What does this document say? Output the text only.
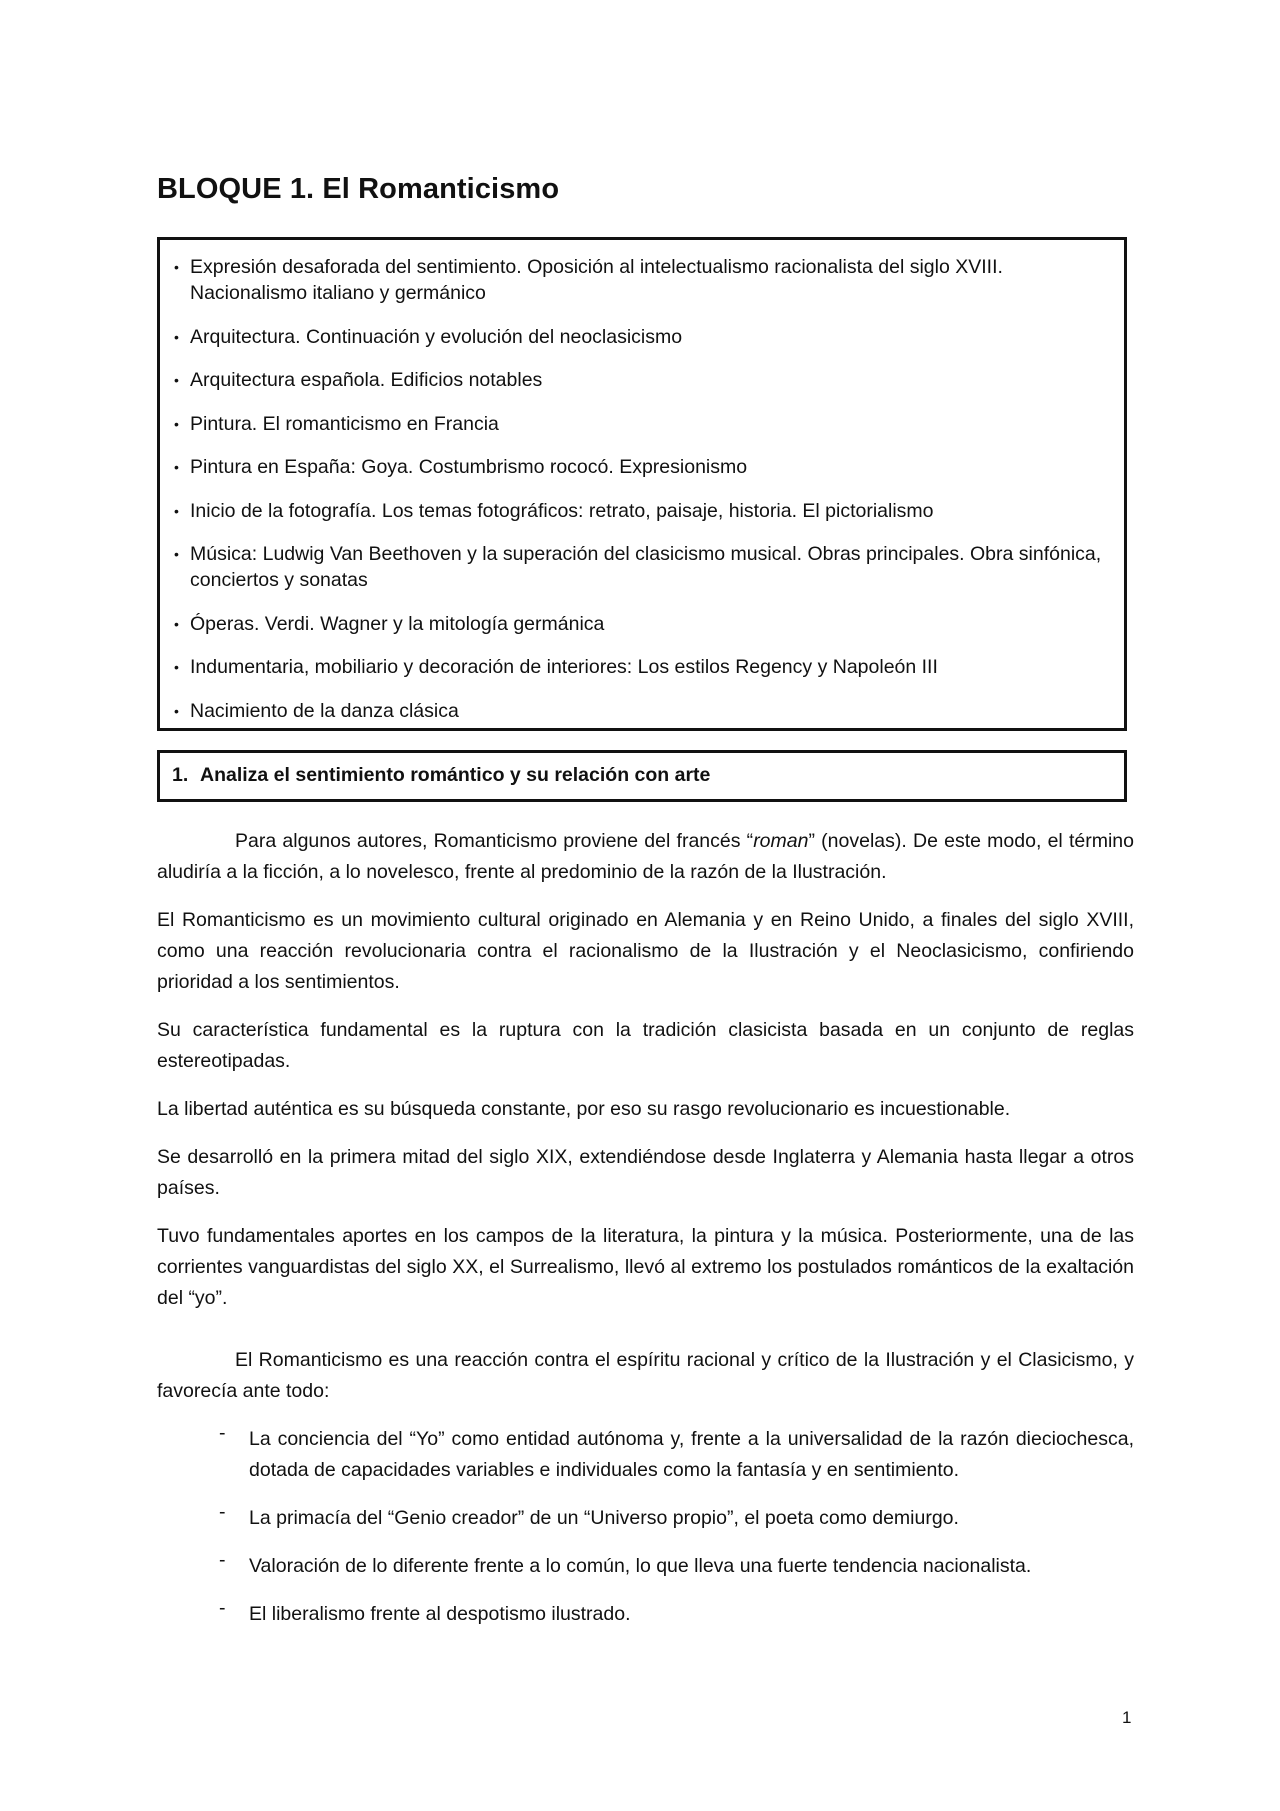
BLOQUE 1. El Romanticismo
• Expresión desaforada del sentimiento. Oposición al intelectualismo racionalista del siglo XVIII. Nacionalismo italiano y germánico
• Arquitectura. Continuación y evolución del neoclasicismo
• Arquitectura española. Edificios notables
• Pintura. El romanticismo en Francia
• Pintura en España: Goya. Costumbrismo rococó. Expresionismo
• Inicio de la fotografía. Los temas fotográficos: retrato, paisaje, historia. El pictorialismo
• Música: Ludwig Van Beethoven y la superación del clasicismo musical. Obras principales. Obra sinfónica, conciertos y sonatas
• Óperas. Verdi. Wagner y la mitología germánica
• Indumentaria, mobiliario y decoración de interiores: Los estilos Regency y Napoleón III
• Nacimiento de la danza clásica
1. Analiza el sentimiento romántico y su relación con arte

Para algunos autores, Romanticismo proviene del francés “roman” (novelas). De este modo, el término aludiría a la ficción, a lo novelesco, frente al predominio de la razón de la Ilustración.

El Romanticismo es un movimiento cultural originado en Alemania y en Reino Unido, a finales del siglo XVIII, como una reacción revolucionaria contra el racionalismo de la Ilustración y el Neoclasicismo, confiriendo prioridad a los sentimientos.

Su característica fundamental es la ruptura con la tradición clasicista basada en un conjunto de reglas estereotipadas.

La libertad auténtica es su búsqueda constante, por eso su rasgo revolucionario es incuestionable.

Se desarrolló en la primera mitad del siglo XIX, extendiéndose desde Inglaterra y Alemania hasta llegar a otros países.

Tuvo fundamentales aportes en los campos de la literatura, la pintura y la música. Posteriormente, una de las corrientes vanguardistas del siglo XX, el Surrealismo, llevó al extremo los postulados románticos de la exaltación del “yo”.

El Romanticismo es una reacción contra el espíritu racional y crítico de la Ilustración y el Clasicismo, y favorecía ante todo:

- La conciencia del “Yo” como entidad autónoma y, frente a la universalidad de la razón dieciochesca, dotada de capacidades variables e individuales como la fantasía y en sentimiento.
- La primacía del “Genio creador” de un “Universo propio”, el poeta como demiurgo.
- Valoración de lo diferente frente a lo común, lo que lleva una fuerte tendencia nacionalista.
- El liberalismo frente al despotismo ilustrado.
1
